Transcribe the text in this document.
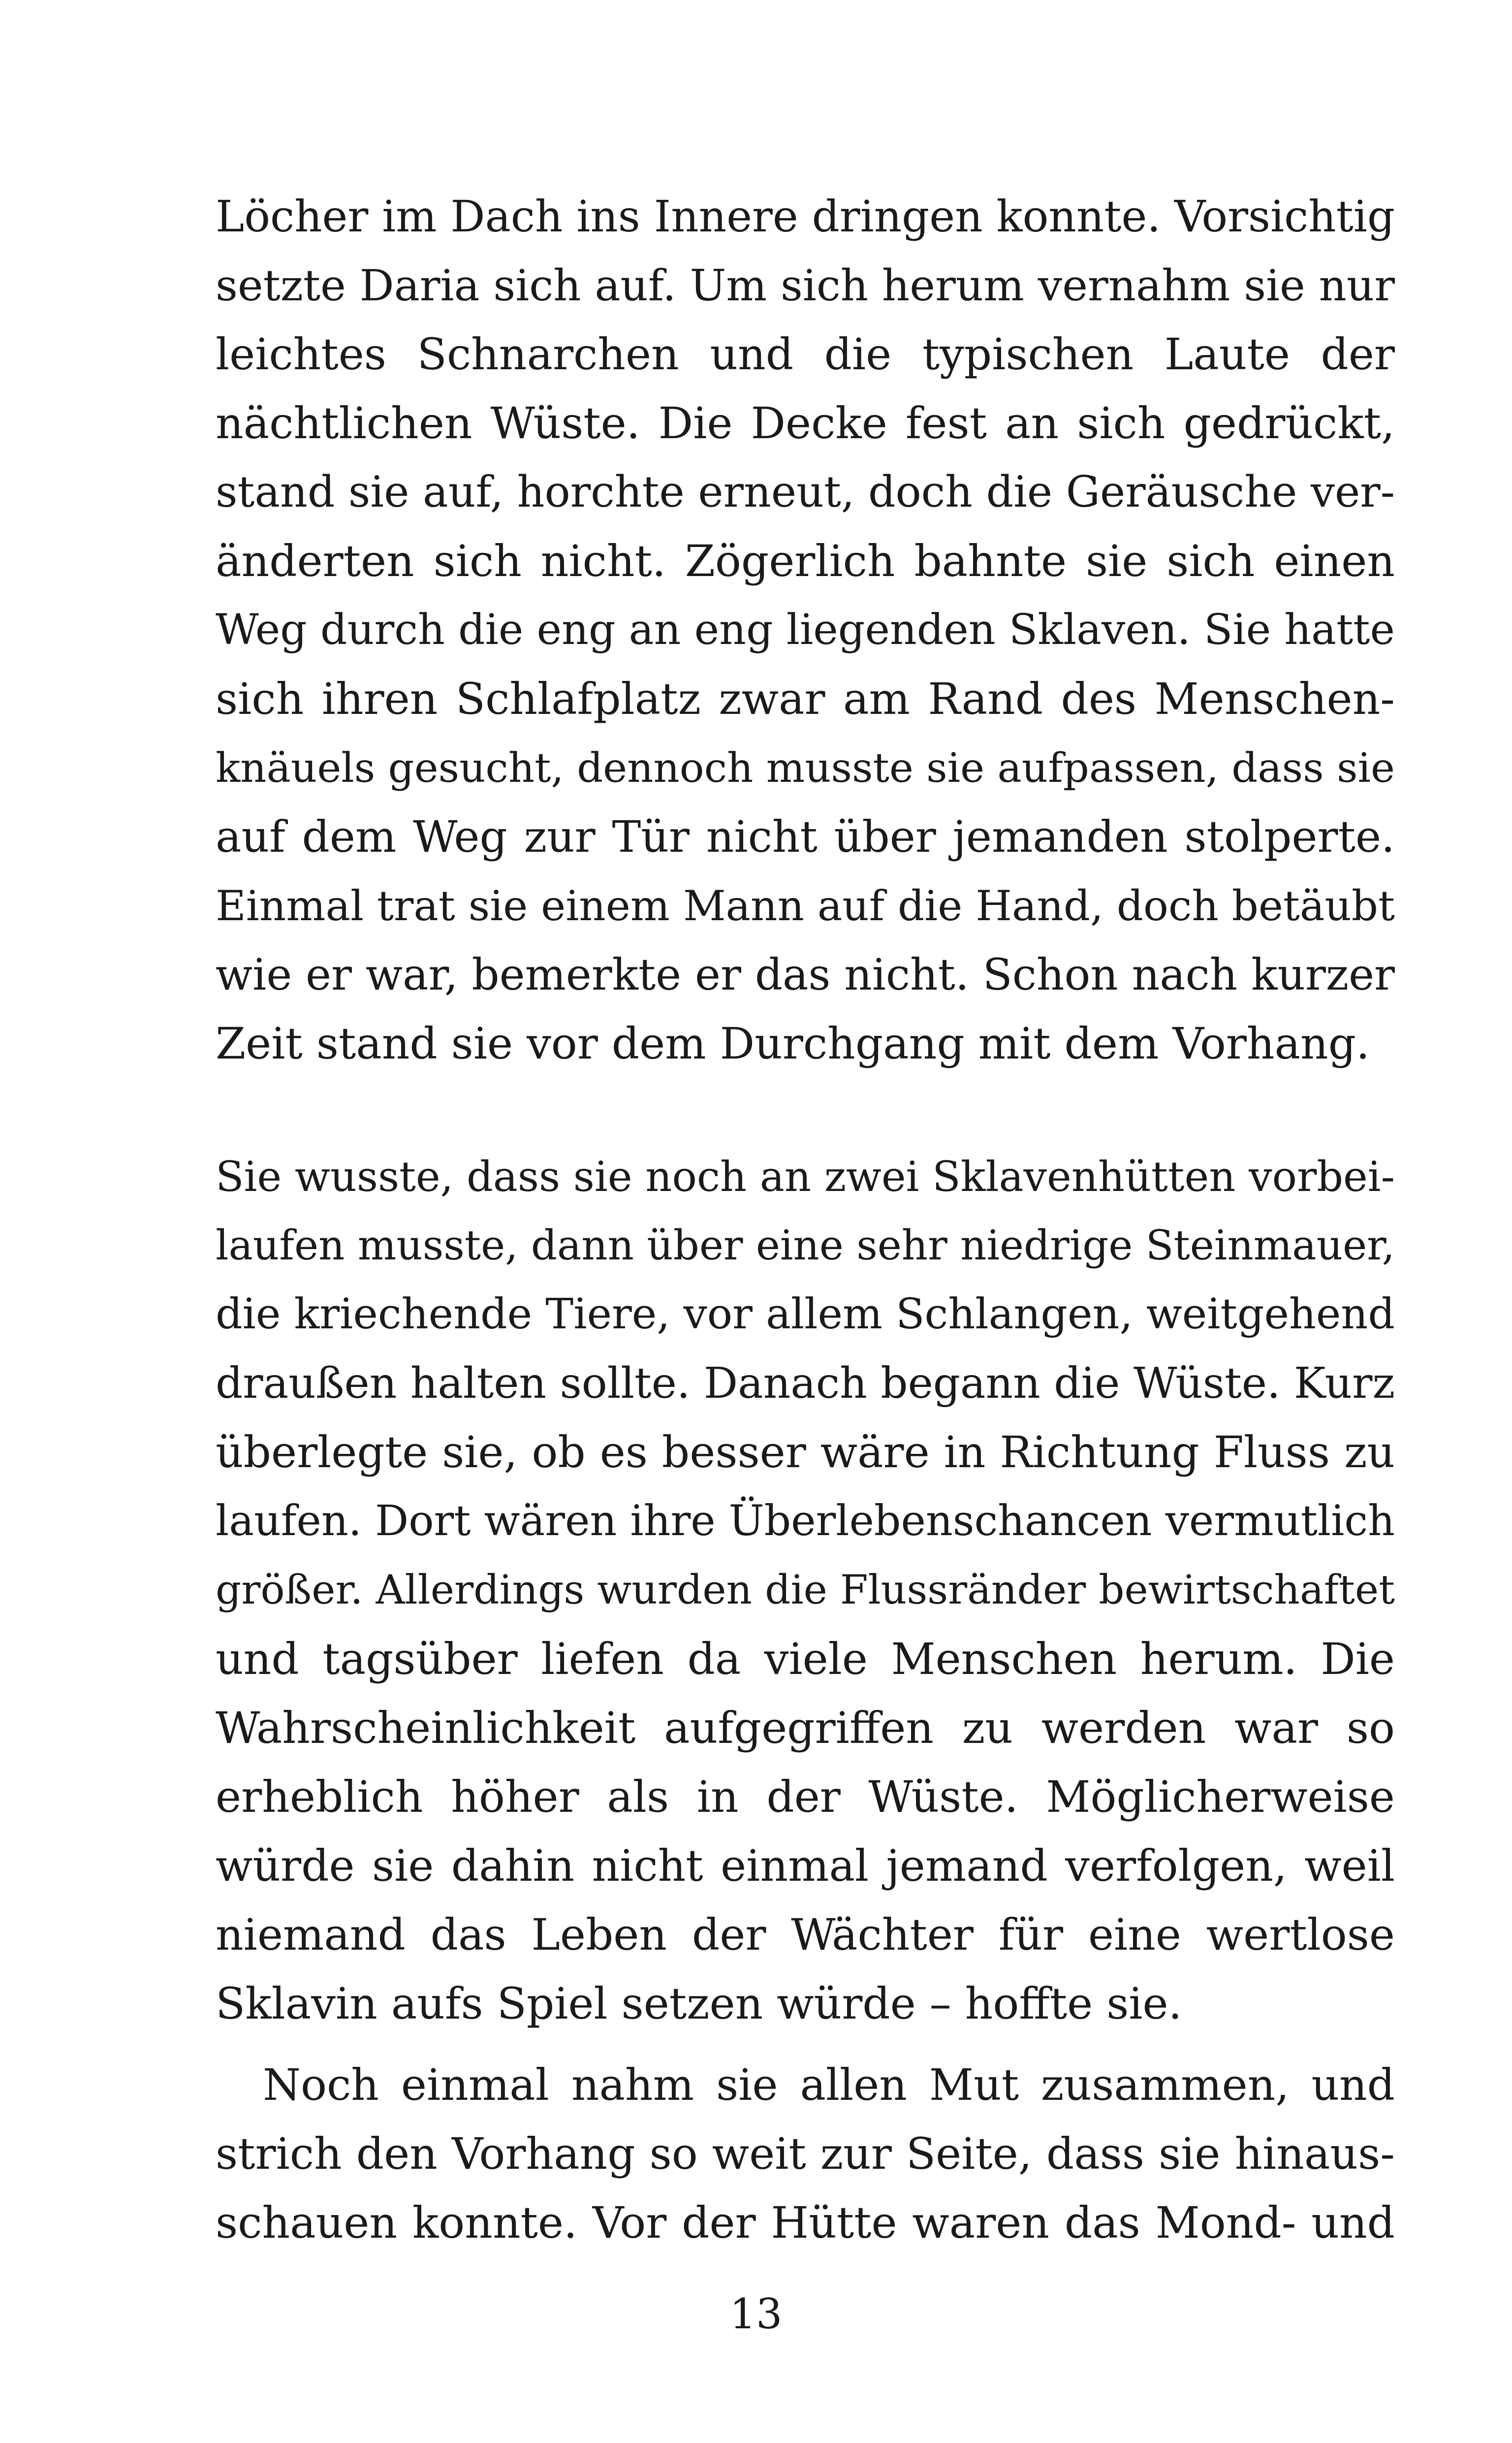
Löcher im Dach ins Innere dringen konnte. Vorsichtig
setzte Daria sich auf. Um sich herum vernahm sie nur
leichtes Schnarchen und die typischen Laute der
nächtlichen Wüste. Die Decke fest an sich gedrückt,
stand sie auf, horchte erneut, doch die Geräusche ver-
änderten sich nicht. Zögerlich bahnte sie sich einen
Weg durch die eng an eng liegenden Sklaven. Sie hatte
sich ihren Schlafplatz zwar am Rand des Menschen-
knäuels gesucht, dennoch musste sie aufpassen, dass sie
auf dem Weg zur Tür nicht über jemanden stolperte.
Einmal trat sie einem Mann auf die Hand, doch betäubt
wie er war, bemerkte er das nicht. Schon nach kurzer
Zeit stand sie vor dem Durchgang mit dem Vorhang.
Sie wusste, dass sie noch an zwei Sklavenhütten vorbei-
laufen musste, dann über eine sehr niedrige Steinmauer,
die kriechende Tiere, vor allem Schlangen, weitgehend
draußen halten sollte. Danach begann die Wüste. Kurz
überlegte sie, ob es besser wäre in Richtung Fluss zu
laufen. Dort wären ihre Überlebenschancen vermutlich
größer. Allerdings wurden die Flussränder bewirtschaftet
und tagsüber liefen da viele Menschen herum. Die
Wahrscheinlichkeit aufgegriffen zu werden war so
erheblich höher als in der Wüste. Möglicherweise
würde sie dahin nicht einmal jemand verfolgen, weil
niemand das Leben der Wächter für eine wertlose
Sklavin aufs Spiel setzen würde – hoffte sie.
Noch einmal nahm sie allen Mut zusammen, und
strich den Vorhang so weit zur Seite, dass sie hinaus-
schauen konnte. Vor der Hütte waren das Mond- und
13
